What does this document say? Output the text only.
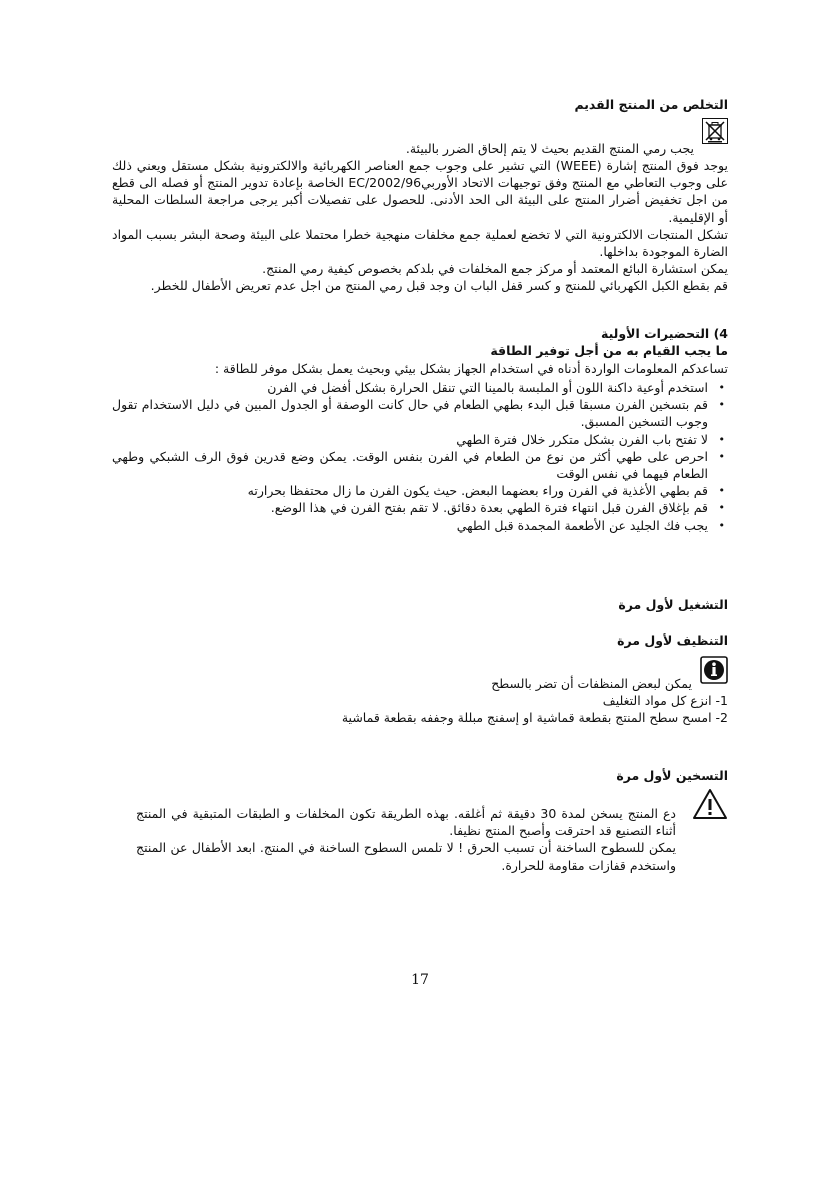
التخلص من المنتج القديم
يجب رمي المنتج القديم بحيث لا يتم إلحاق الضرر بالبيئة.

يوجد فوق المنتج إشارة (WEEE) التي تشير على وجوب جمع العناصر الكهربائية والالكترونية بشكل مستقل ويعني ذلك على وجوب التعاطي مع المنتج وفق توجيهات الاتحاد الأوربي2002/96/EC الخاصة بإعادة تدوير المنتج أو فصله الى قطع من اجل تخفيض أضرار المنتج على البيئة الى الحد الأدنى. للحصول على تفصيلات أكبر يرجى مراجعة السلطات المحلية أو الإقليمية.

تشكل المنتجات الالكترونية التي لا تخضع لعملية جمع مخلفات منهجية خطرا محتملا على البيئة وصحة البشر بسبب المواد الضارة الموجودة بداخلها.

يمكن استشارة البائع المعتمد أو مركز جمع المخلفات في بلدكم بخصوص كيفية رمي المنتج.

قم بقطع الكبل الكهربائي للمنتج و كسر قفل الباب ان وجد قبل رمي المنتج من اجل عدم تعريض الأطفال للخطر.

4) التحضيرات الأولية
ما يجب القيام به من أجل توفير الطاقة
تساعدكم المعلومات الواردة أدناه في استخدام الجهاز بشكل بيئي وبحيث يعمل بشكل موفر للطاقة :
• استخدم أوعية داكنة اللون أو الملبسة بالمينا التي تنقل الحرارة بشكل أفضل في الفرن
• قم بتسخين الفرن مسبقا قبل البدء بطهي الطعام في حال كانت الوصفة أو الجدول المبين في دليل الاستخدام تقول وجوب التسخين المسبق.
• لا تفتح باب الفرن بشكل متكرر خلال فترة الطهي
• احرص على طهي أكثر من نوع من الطعام في الفرن بنفس الوقت. يمكن وضع قدرين فوق الرف الشبكي وطهي الطعام فيهما في نفس الوقت
• قم بطهي الأغذية في الفرن وراء بعضهما البعض. حيث يكون الفرن ما زال محتفظا بحرارته
• قم بإغلاق الفرن قبل انتهاء فترة الطهي بعدة دقائق. لا تقم بفتح الفرن في هذا الوضع.
• يجب فك الجليد عن الأطعمة المجمدة قبل الطهي
التشغيل لأول مرة
التنظيف لأول مرة
يمكن لبعض المنظفات أن تضر بالسطح
1- انزع كل مواد التغليف
2- امسح سطح المنتج بقطعة قماشية او إسفنج مبللة وجففه بقطعة قماشية
التسخين لأول مرة

دع المنتج يسخن لمدة 30 دقيقة ثم أغلقه. بهذه الطريقة تكون المخلفات و الطبقات المتبقية في المنتج أثناء التصنيع قد احترقت وأصبح المنتج نظيفا.

يمكن للسطوح الساخنة أن تسبب الحرق ! لا تلمس السطوح الساخنة في المنتج. ابعد الأطفال عن المنتج واستخدم قفازات مقاومة للحرارة.

17
